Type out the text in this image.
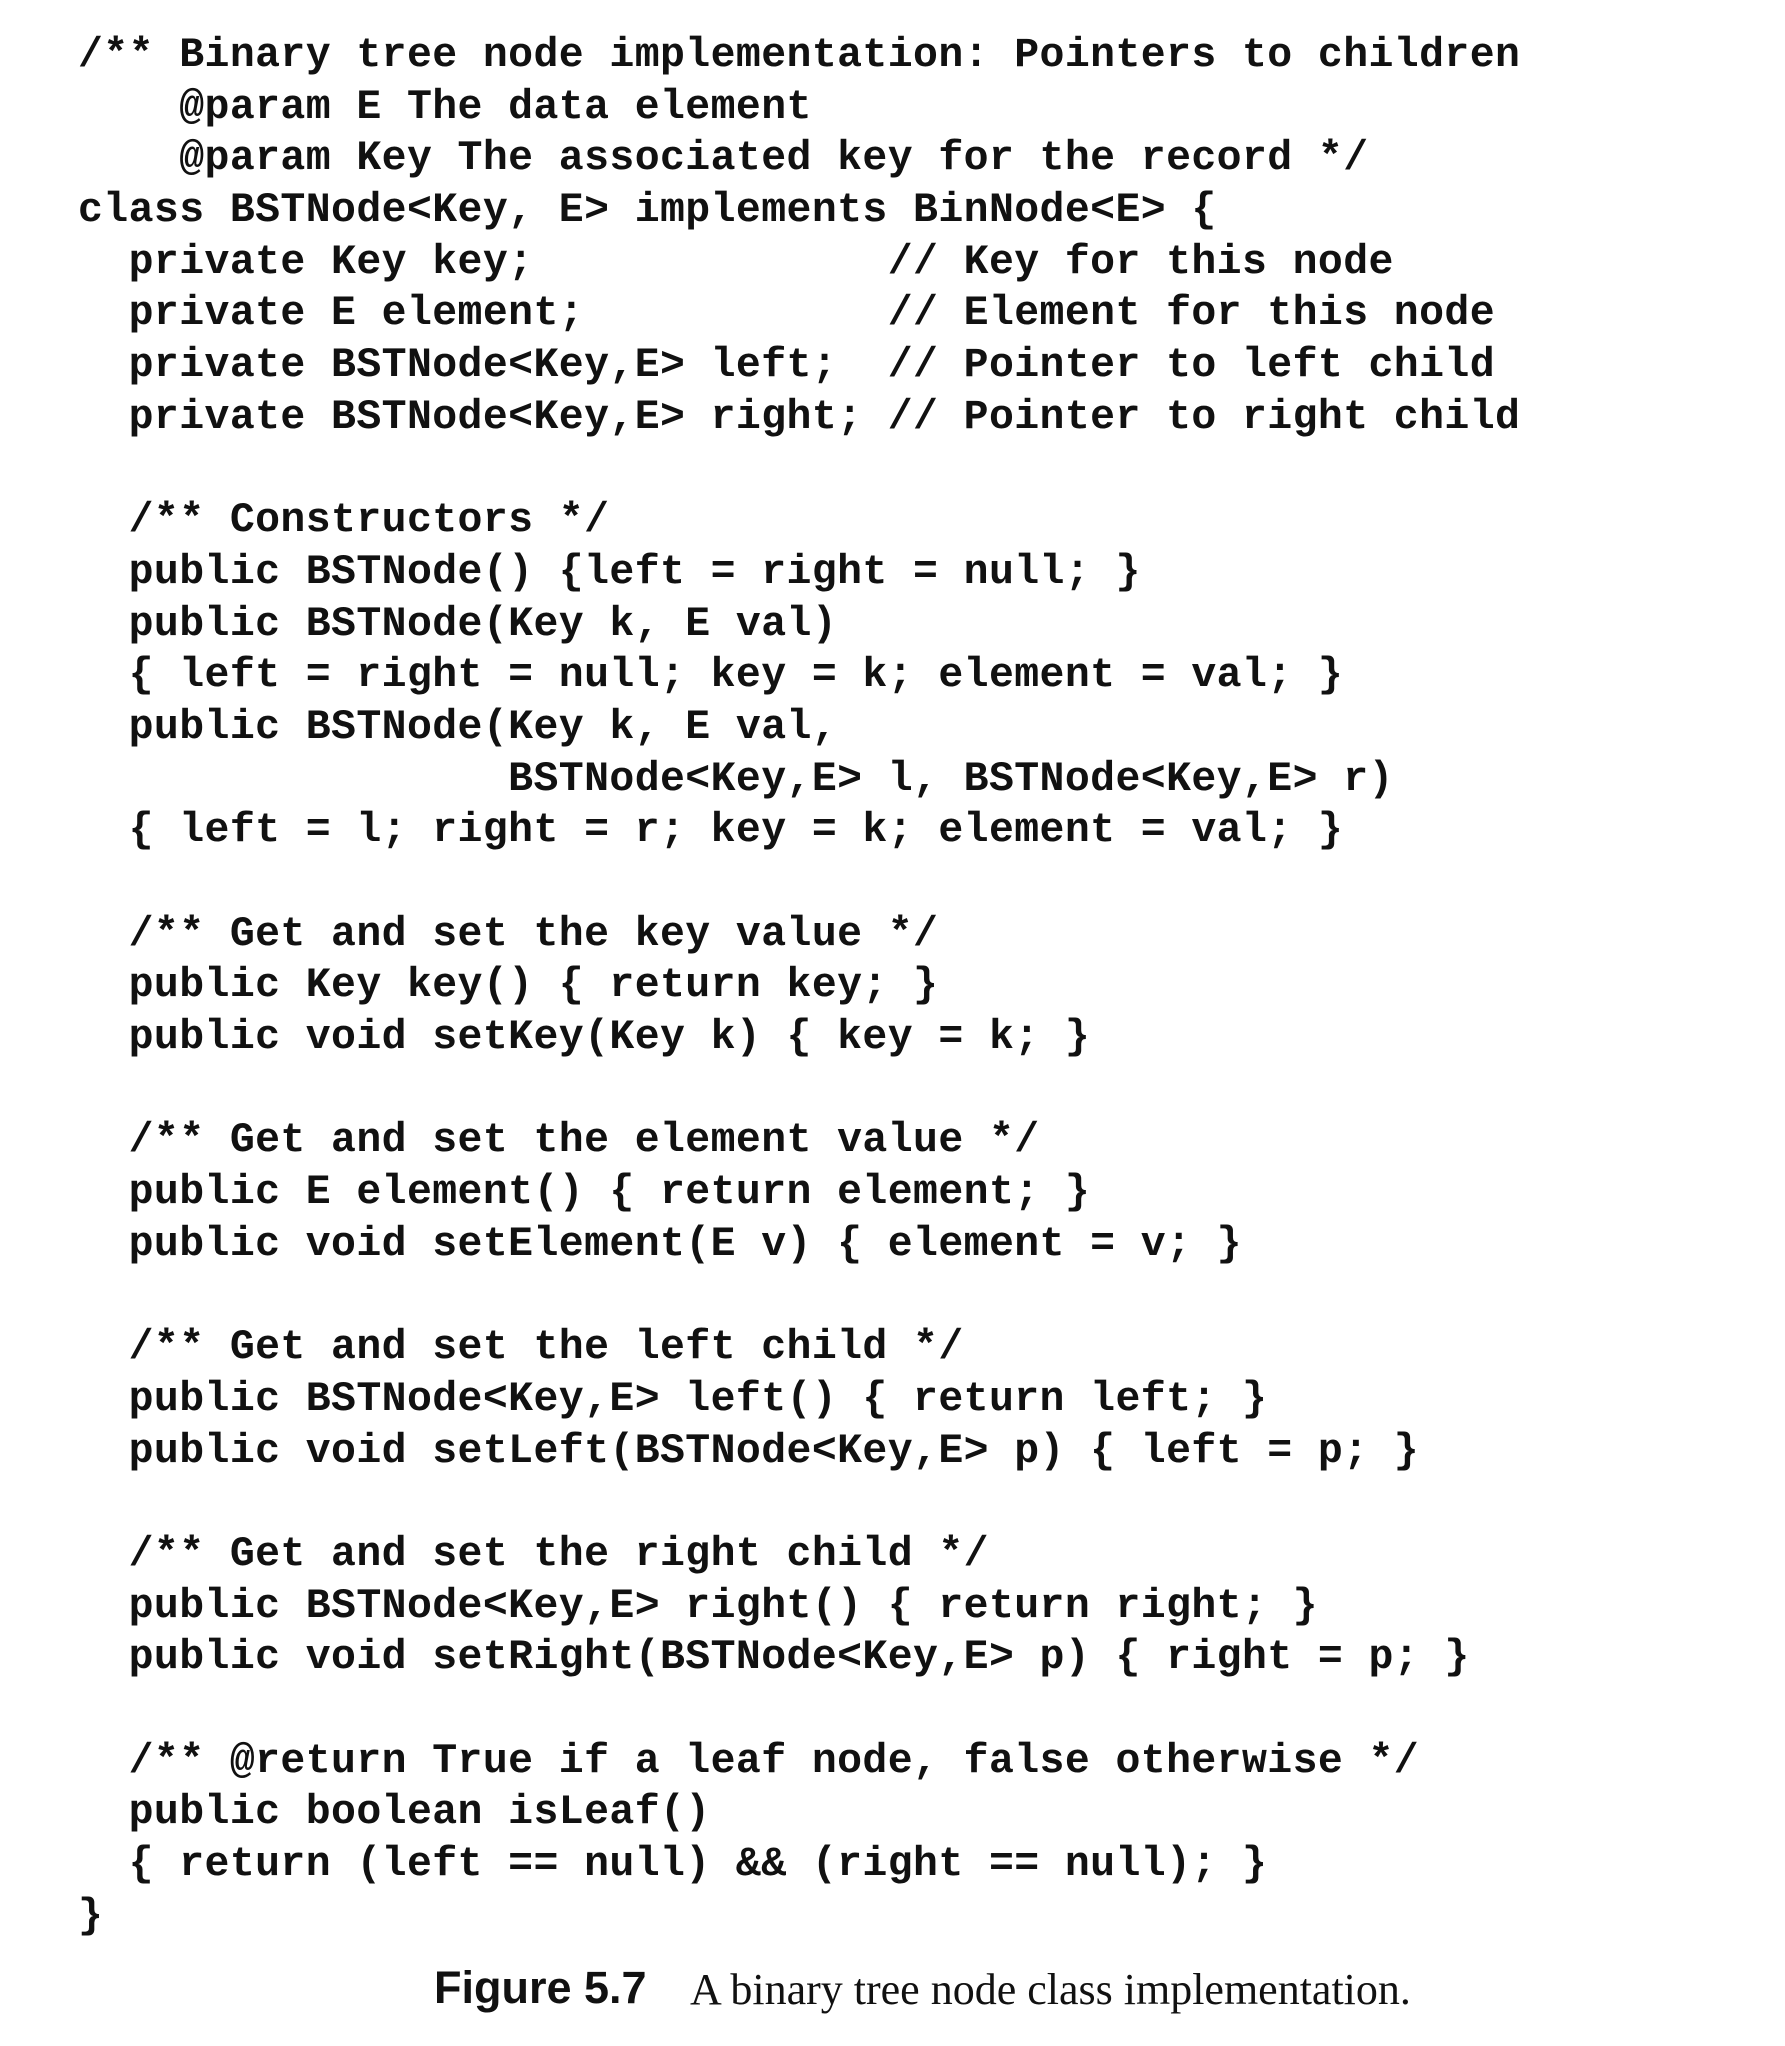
/** Binary tree node implementation: Pointers to children
@param E The data element
@param Key The associated key for the record */
class BSTNode<Key, E> implements BinNode<E> {
private Key key;              // Key for this node
private E element;            // Element for this node
private BSTNode<Key,E> left;  // Pointer to left child
private BSTNode<Key,E> right; // Pointer to right child
/** Constructors */
public BSTNode() {left = right = null; }
public BSTNode(Key k, E val)
{ left = right = null; key = k; element = val; }
public BSTNode(Key k, E val,
BSTNode<Key,E> l, BSTNode<Key,E> r)
{ left = l; right = r; key = k; element = val; }
/** Get and set the key value */
public Key key() { return key; }
public void setKey(Key k) { key = k; }
/** Get and set the element value */
public E element() { return element; }
public void setElement(E v) { element = v; }
/** Get and set the left child */
public BSTNode<Key,E> left() { return left; }
public void setLeft(BSTNode<Key,E> p) { left = p; }
/** Get and set the right child */
public BSTNode<Key,E> right() { return right; }
public void setRight(BSTNode<Key,E> p) { right = p; }
/** @return True if a leaf node, false otherwise */
public boolean isLeaf()
{ return (left == null) && (right == null); }
}
Figure 5.7 A binary tree node class implementation.
